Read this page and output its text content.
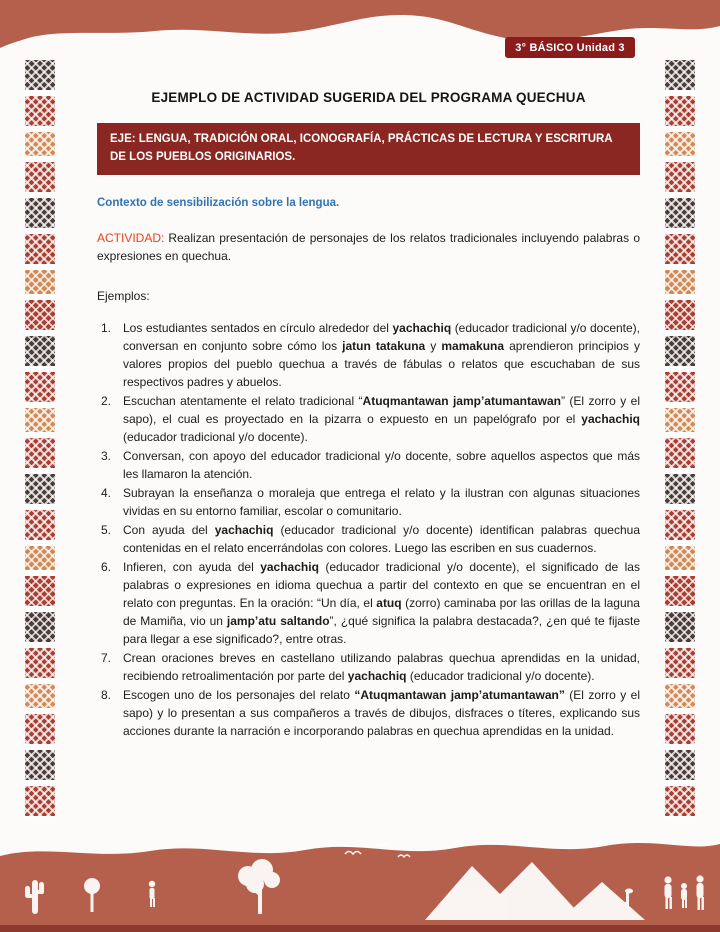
3° BÁSICO Unidad 3
EJEMPLO DE ACTIVIDAD SUGERIDA DEL PROGRAMA QUECHUA
EJE: LENGUA, TRADICIÓN ORAL, ICONOGRAFÍA, PRÁCTICAS DE LECTURA Y ESCRITURA DE LOS PUEBLOS ORIGINARIOS.
Contexto de sensibilización sobre la lengua.
ACTIVIDAD: Realizan presentación de personajes de los relatos tradicionales incluyendo palabras o expresiones en quechua.
Ejemplos:
1.	Los estudiantes sentados en círculo alrededor del yachachiq (educador tradicional y/o docente), conversan en conjunto sobre cómo los jatun tatakuna y mamakuna aprendieron principios y valores propios del pueblo quechua a través de fábulas o relatos que escuchaban de sus respectivos padres y abuelos.
2.	Escuchan atentamente el relato tradicional “Atuqmantawan jamp’atumantawan” (El zorro y el sapo), el cual es proyectado en la pizarra o expuesto en un papelógrafo por el yachachiq (educador tradicional y/o docente).
3.	Conversan, con apoyo del educador tradicional y/o docente, sobre aquellos aspectos que más les llamaron la atención.
4.	Subrayan la enseñanza o moraleja que entrega el relato y la ilustran con algunas situaciones vividas en su entorno familiar, escolar o comunitario.
5.	Con ayuda del yachachiq (educador tradicional y/o docente) identifican palabras quechua contenidas en el relato encerrándolas con colores. Luego las escriben en sus cuadernos.
6.	Infieren, con ayuda del yachachiq (educador tradicional y/o docente), el significado de las palabras o expresiones en idioma quechua a partir del contexto en que se encuentran en el relato con preguntas. En la oración: “Un día, el atuq (zorro) caminaba por las orillas de la laguna de Mamiña, vio un jamp’atu saltando”, ¿qué significa la palabra destacada?, ¿en qué te fijaste para llegar a ese significado?, entre otras.
7.	Crean oraciones breves en castellano utilizando palabras quechua aprendidas en la unidad, recibiendo retroalimentación por parte del yachachiq (educador tradicional y/o docente).
8.	Escogen uno de los personajes del relato “Atuqmantawan jamp’atumantawan” (El zorro y el sapo) y lo presentan a sus compañeros a través de dibujos, disfraces o títeres, explicando sus acciones durante la narración e incorporando palabras en quechua aprendidas en la unidad.
